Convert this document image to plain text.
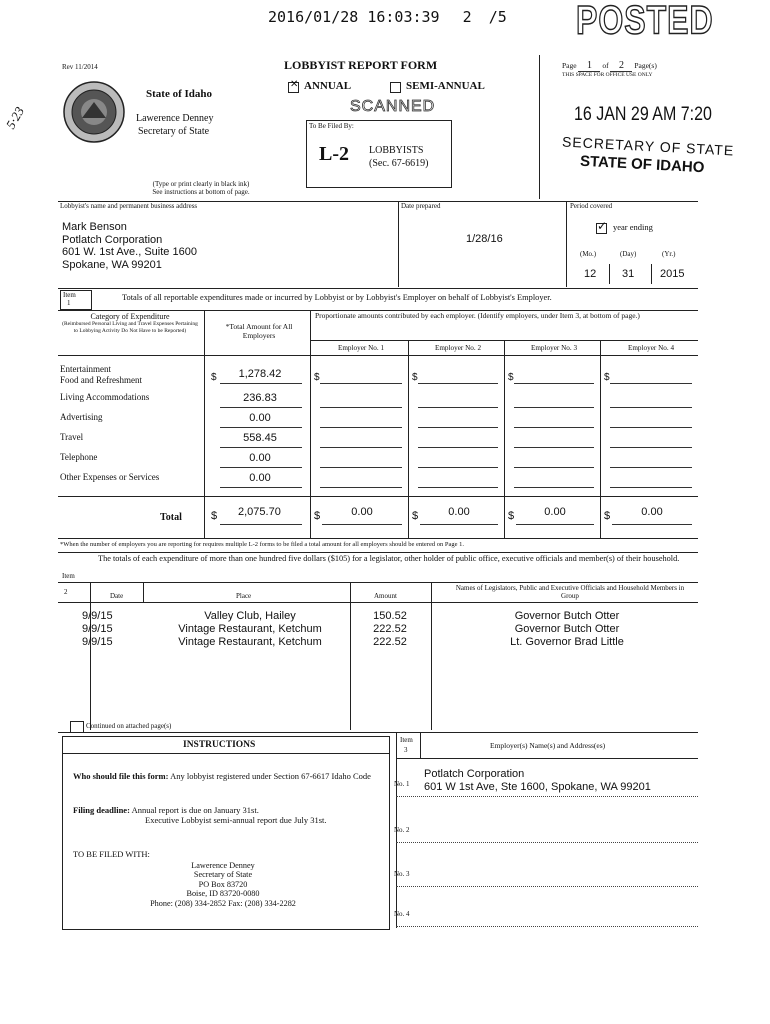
2016/01/28 16:03:39 2 /5 POSTED
5·23
Rev 11/2014
State of Idaho
Lawerence Denney
Secretary of State
(Type or print clearly in black ink)
See instructions at bottom of page.
LOBBYIST REPORT FORM
✕ ANNUAL	SEMI-ANNUAL
SCANNED
To Be Filed By:
L-2 LOBBYISTS
(Sec. 67-6619)
Page 1 of 2 Page(s)
THIS SPACE FOR OFFICE USE ONLY
16 JAN 29 AM 7:20
SECRETARY OF STATE
STATE OF IDAHO
Lobbyist's name and permanent business address
Mark Benson
Potlatch Corporation
601 W. 1st Ave., Suite 1600
Spokane, WA 99201
Date prepared
1/28/16
Period covered
✓ year ending
(Mo.)	(Day)	(Yr.)
12 31 2015
Item
1
Totals of all reportable expenditures made or incurred by Lobbyist or by Lobbyist's Employer on behalf of Lobbyist's Employer.
Category of Expenditure
(Reimbursed Personal Living and Travel Expenses Pertaining to Lobbying Activity Do Not Have to be Reported)	*Total Amount for All Employers
Proportionate amounts contributed by each employer. (Identify employers, under Item 3, at bottom of page.)
Employer No. 1	Employer No. 2	Employer No. 3	Employer No. 4
Entertainment
Food and Refreshment	$	1,278.42	$	$	$	$
Living Accommodations	236.83
Advertising	0.00
Travel	558.45
Telephone	0.00
Other Expenses or Services	0.00
Total	$ 2,075.70	$	0.00	$	0.00	$	0.00	$	0.00
*When the number of employers you are reporting for requires multiple L-2 forms to be filed a total amount for all employers should be entered on Page 1.
The totals of each expenditure of more than one hundred five dollars ($105) for a legislator, other holder of public office, executive officials and member(s) of their household.
Item
2	Date	Place	Amount
Names of Legislators, Public and Executive Officials and Household Members in Group
9/9/15	Valley Club, Hailey	150.52	Governor Butch Otter
9/9/15	Vintage Restaurant, Ketchum	222.52	Governor Butch Otter
9/9/15	Vintage Restaurant, Ketchum	222.52	Lt. Governor Brad Little
Continued on attached page(s)
INSTRUCTIONS
Who should file this form: Any lobbyist registered under Section 67-6617 Idaho Code
Filing deadline: Annual report is due on January 31st.
Executive Lobbyist semi-annual report due July 31st.
TO BE FILED WITH:
Lawerence Denney
Secretary of State
PO Box 83720
Boise, ID 83720-0080
Phone: (208) 334-2852 Fax: (208) 334-2282
Item
3	Employer(s) Name(s) and Address(es)
No. 1
Potlatch Corporation
601 W 1st Ave, Ste 1600, Spokane, WA 99201
No. 2
No. 3
No. 4
